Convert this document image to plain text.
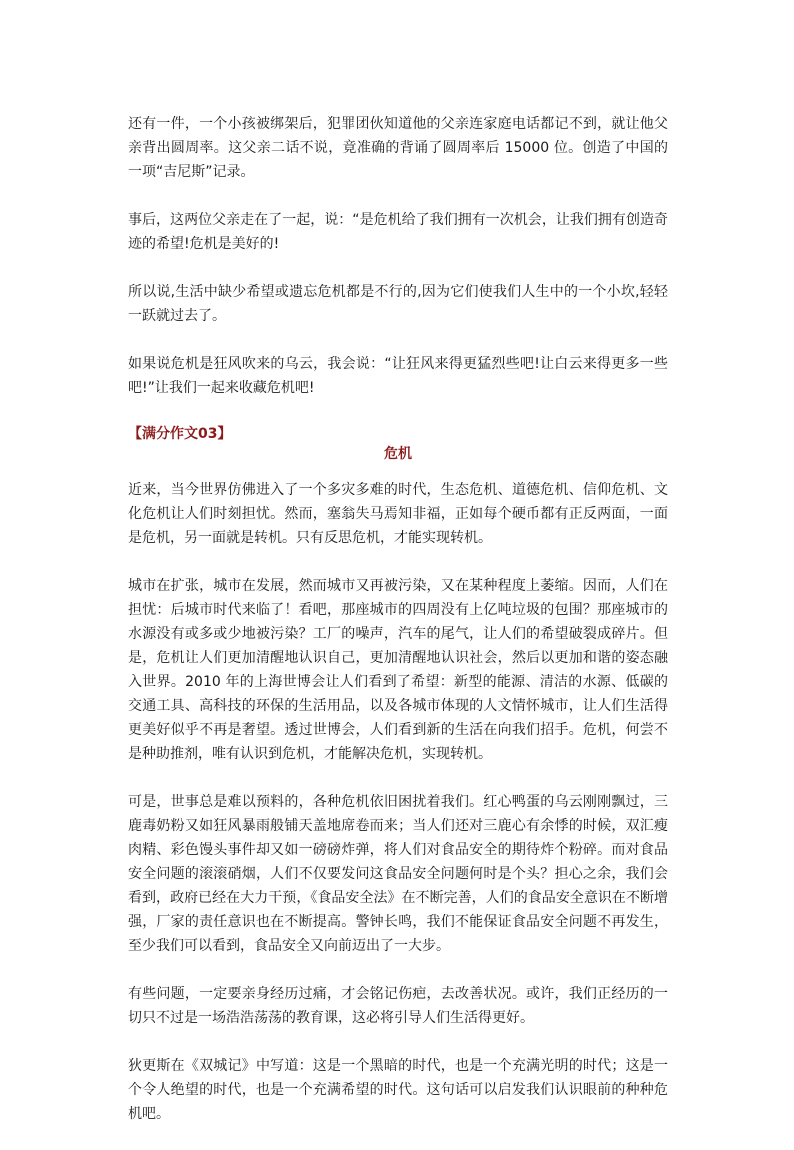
还有一件，一个小孩被绑架后，犯罪团伙知道他的父亲连家庭电话都记不到，就让他父亲背出圆周率。这父亲二话不说，竟准确的背诵了圆周率后 15000 位。创造了中国的一项“吉尼斯”记录。

事后，这两位父亲走在了一起，说：“是危机给了我们拥有一次机会，让我们拥有创造奇迹的希望!危机是美好的!

所以说,生活中缺少希望或遗忘危机都是不行的,因为它们使我们人生中的一个小坎,轻轻一跃就过去了。

如果说危机是狂风吹来的乌云，我会说：“让狂风来得更猛烈些吧!让白云来得更多一些吧!”让我们一起来收藏危机吧!

【满分作文03】
危机

近来，当今世界仿佛进入了一个多灾多难的时代，生态危机、道德危机、信仰危机、文化危机让人们时刻担忧。然而，塞翁失马焉知非福，正如每个硬币都有正反两面，一面是危机，另一面就是转机。只有反思危机，才能实现转机。

城市在扩张，城市在发展，然而城市又再被污染，又在某种程度上萎缩。因而，人们在担忧：后城市时代来临了！看吧，那座城市的四周没有上亿吨垃圾的包围？那座城市的水源没有或多或少地被污染？工厂的噪声，汽车的尾气，让人们的希望破裂成碎片。但是，危机让人们更加清醒地认识自己，更加清醒地认识社会，然后以更加和谐的姿态融入世界。2010 年的上海世博会让人们看到了希望：新型的能源、清洁的水源、低碳的交通工具、高科技的环保的生活用品，以及各城市体现的人文情怀城市，让人们生活得更美好似乎不再是奢望。透过世博会，人们看到新的生活在向我们招手。危机，何尝不是种助推剂，唯有认识到危机，才能解决危机，实现转机。

可是，世事总是难以预料的，各种危机依旧困扰着我们。红心鸭蛋的乌云刚刚飘过，三鹿毒奶粉又如狂风暴雨般铺天盖地席卷而来；当人们还对三鹿心有余悸的时候，双汇瘦肉精、彩色馒头事件却又如一磅磅炸弹，将人们对食品安全的期待炸个粉碎。而对食品安全问题的滚滚硝烟，人们不仅要发问这食品安全问题何时是个头？担心之余，我们会看到，政府已经在大力干预，《食品安全法》在不断完善，人们的食品安全意识在不断增强，厂家的责任意识也在不断提高。警钟长鸣，我们不能保证食品安全问题不再发生，至少我们可以看到，食品安全又向前迈出了一大步。

有些问题，一定要亲身经历过痛，才会铭记伤疤，去改善状况。或许，我们正经历的一切只不过是一场浩浩荡荡的教育课，这必将引导人们生活得更好。

狄更斯在《双城记》中写道：这是一个黑暗的时代，也是一个充满光明的时代；这是一个令人绝望的时代，也是一个充满希望的时代。这句话可以启发我们认识眼前的种种危机吧。
